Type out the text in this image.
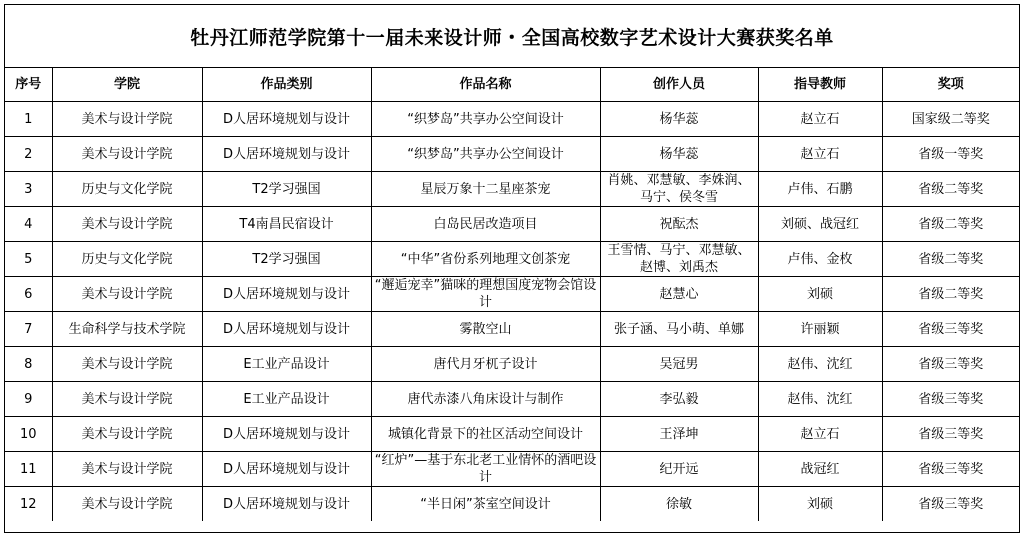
牡丹江师范学院第十一届未来设计师・全国高校数字艺术设计大赛获奖名单
序号	学院	作品类别	作品名称	创作人员	指导教师	奖项
1	美术与设计学院	D人居环境规划与设计	“织梦岛”共享办公空间设计	杨华蕊	赵立石	国家级二等奖
2	美术与设计学院	D人居环境规划与设计	“织梦岛”共享办公空间设计	杨华蕊	赵立石	省级一等奖
3	历史与文化学院	T2学习强国	星辰万象十二星座茶宠	肖姚、邓慧敏、李姝润、马宁、侯冬雪	卢伟、石鹏	省级二等奖
4	美术与设计学院	T4南昌民宿设计	白岛民居改造项目	祝酝杰	刘硕、战冠红	省级二等奖
5	历史与文化学院	T2学习强国	“中华”省份系列地理文创茶宠	王雪情、马宁、邓慧敏、赵博、刘禹杰	卢伟、金枚	省级二等奖
6	美术与设计学院	D人居环境规划与设计	“邂逅宠幸”猫咪的理想国度宠物会馆设计	赵慧心	刘硕	省级二等奖
7	生命科学与技术学院	D人居环境规划与设计	雾散空山	张子涵、马小萌、单娜	许丽颖	省级三等奖
8	美术与设计学院	E工业产品设计	唐代月牙杌子设计	吴冠男	赵伟、沈红	省级三等奖
9	美术与设计学院	E工业产品设计	唐代赤漆八角床设计与制作	李弘毅	赵伟、沈红	省级三等奖
10	美术与设计学院	D人居环境规划与设计	城镇化背景下的社区活动空间设计	王泽坤	赵立石	省级三等奖
11	美术与设计学院	D人居环境规划与设计	“红炉”—基于东北老工业情怀的酒吧设计	纪开远	战冠红	省级三等奖
12	美术与设计学院	D人居环境规划与设计	“半日闲”茶室空间设计	徐敏	刘硕	省级三等奖
